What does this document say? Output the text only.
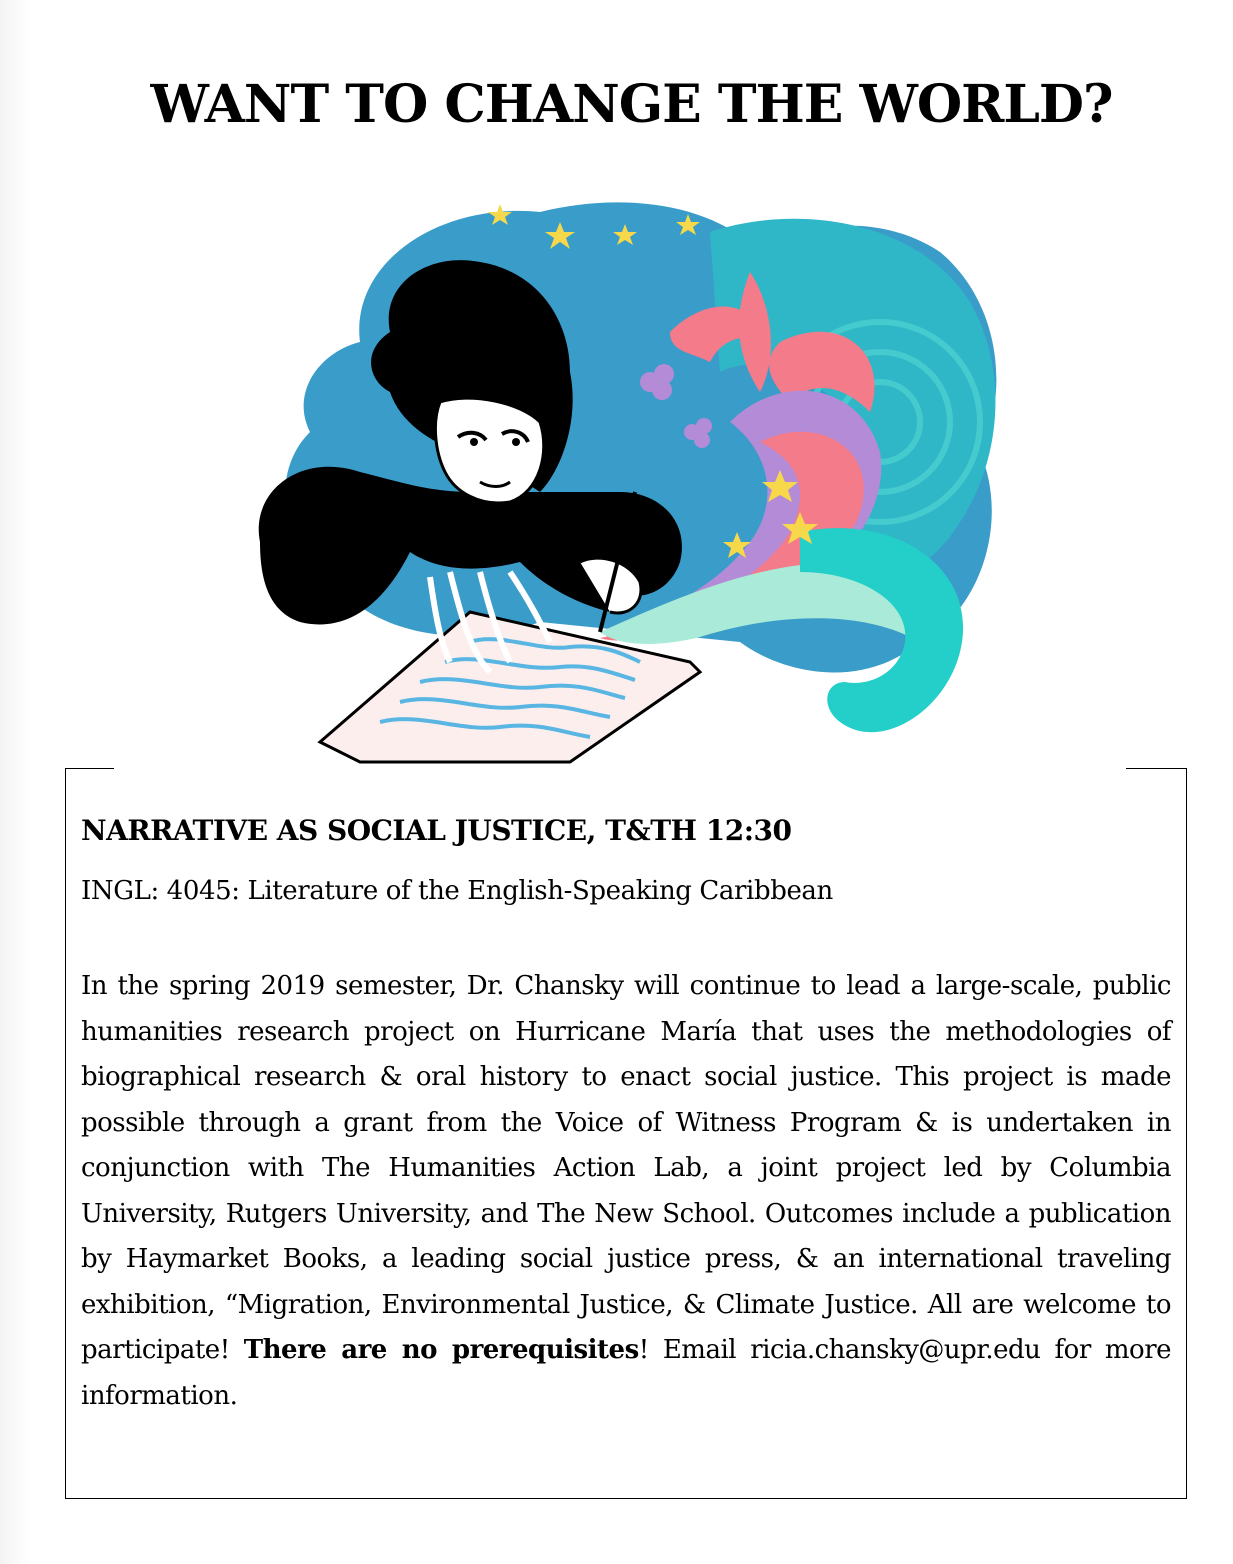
WANT TO CHANGE THE WORLD?
NARRATIVE AS SOCIAL JUSTICE, T&TH 12:30

INGL: 4045: Literature of the English-Speaking Caribbean

In the spring 2019 semester, Dr. Chansky will continue to lead a large-scale, public humanities research project on Hurricane María that uses the methodologies of biographical research & oral history to enact social justice. This project is made possible through a grant from the Voice of Witness Program & is undertaken in conjunction with The Humanities Action Lab, a joint project led by Columbia University, Rutgers University, and The New School. Outcomes include a publication by Haymarket Books, a leading social justice press, & an international traveling exhibition, “Migration, Environmental Justice, & Climate Justice. All are welcome to participate! There are no prerequisites! Email ricia.chansky@upr.edu for more information.
